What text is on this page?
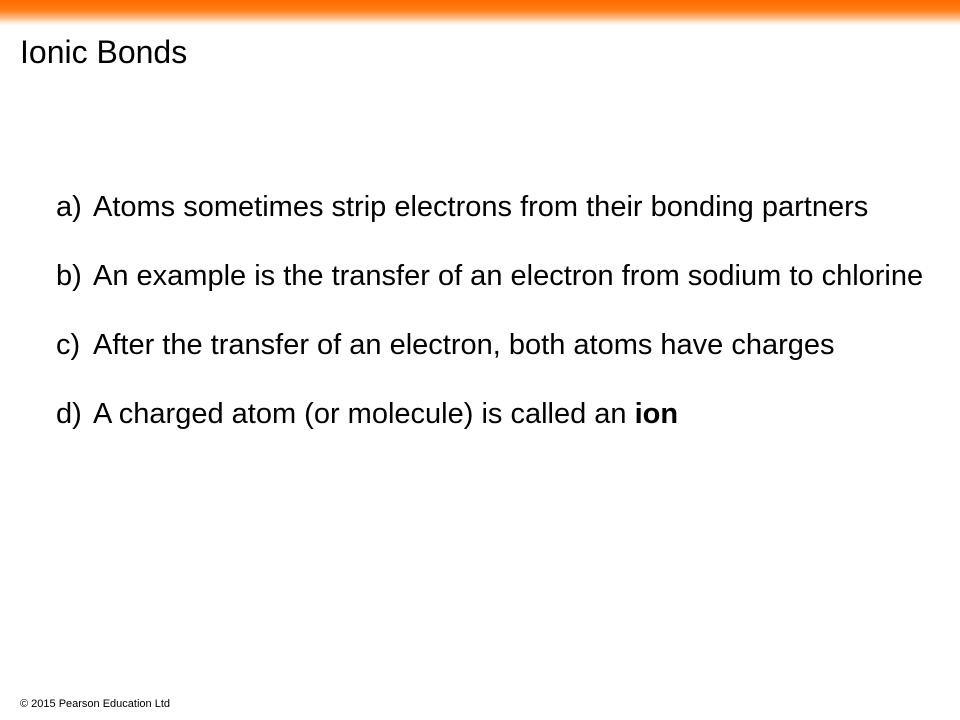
Ionic Bonds
a) Atoms sometimes strip electrons from their bonding partners
b) An example is the transfer of an electron from sodium to chlorine
c) After the transfer of an electron, both atoms have charges
d) A charged atom (or molecule) is called an ion
© 2015 Pearson Education Ltd
